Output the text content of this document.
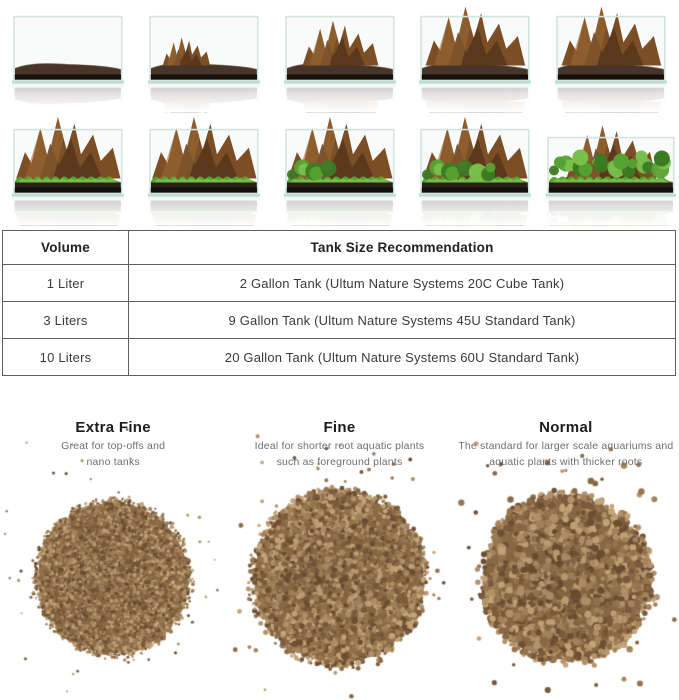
Volume	Tank Size Recommendation
1 Liter	2 Gallon Tank (Ultum Nature Systems 20C Cube Tank)
3 Liters	9 Gallon Tank (Ultum Nature Systems 45U Standard Tank)
10 Liters	20 Gallon Tank (Ultum Nature Systems 60U Standard Tank)
Extra Fine

Great for top-offs and nano tanks

Fine

Ideal for shorter root aquatic plants such as foreground plants

Normal

The standard for larger scale aquariums and aquatic plants with thicker roots
